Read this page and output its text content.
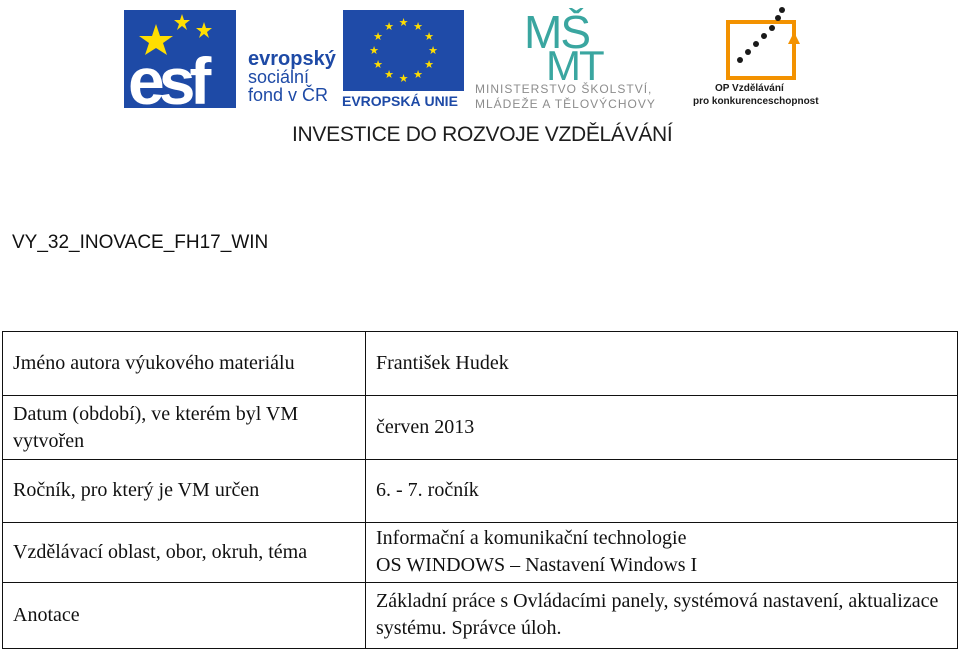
esf	evropský
sociální
fond v ČR
★ ★
★
★
★
★
★
★
★
★
★
★
EVROPSKÁ UNIE
MŠ
MT
MINISTERSTVO ŠKOLSTVÍ,
MLÁDEŽE A TĚLOVÝCHOVY
OP Vzdělávání
pro konkurenceschopnost
INVESTICE DO ROZVOJE VZDĚLÁVÁNÍ
VY_32_INOVACE_FH17_WIN
Jméno autora výukového materiálu	František Hudek
Datum (období), ve kterém byl VM vytvořen	červen 2013
Ročník, pro který je VM určen	6. - 7. ročník
Vzdělávací oblast, obor, okruh, téma	Informační a komunikační technologie
OS WINDOWS – Nastavení Windows I

Anotace	Základní práce s Ovládacími panely, systémová nastavení, aktualizace systému. Správce úloh.
